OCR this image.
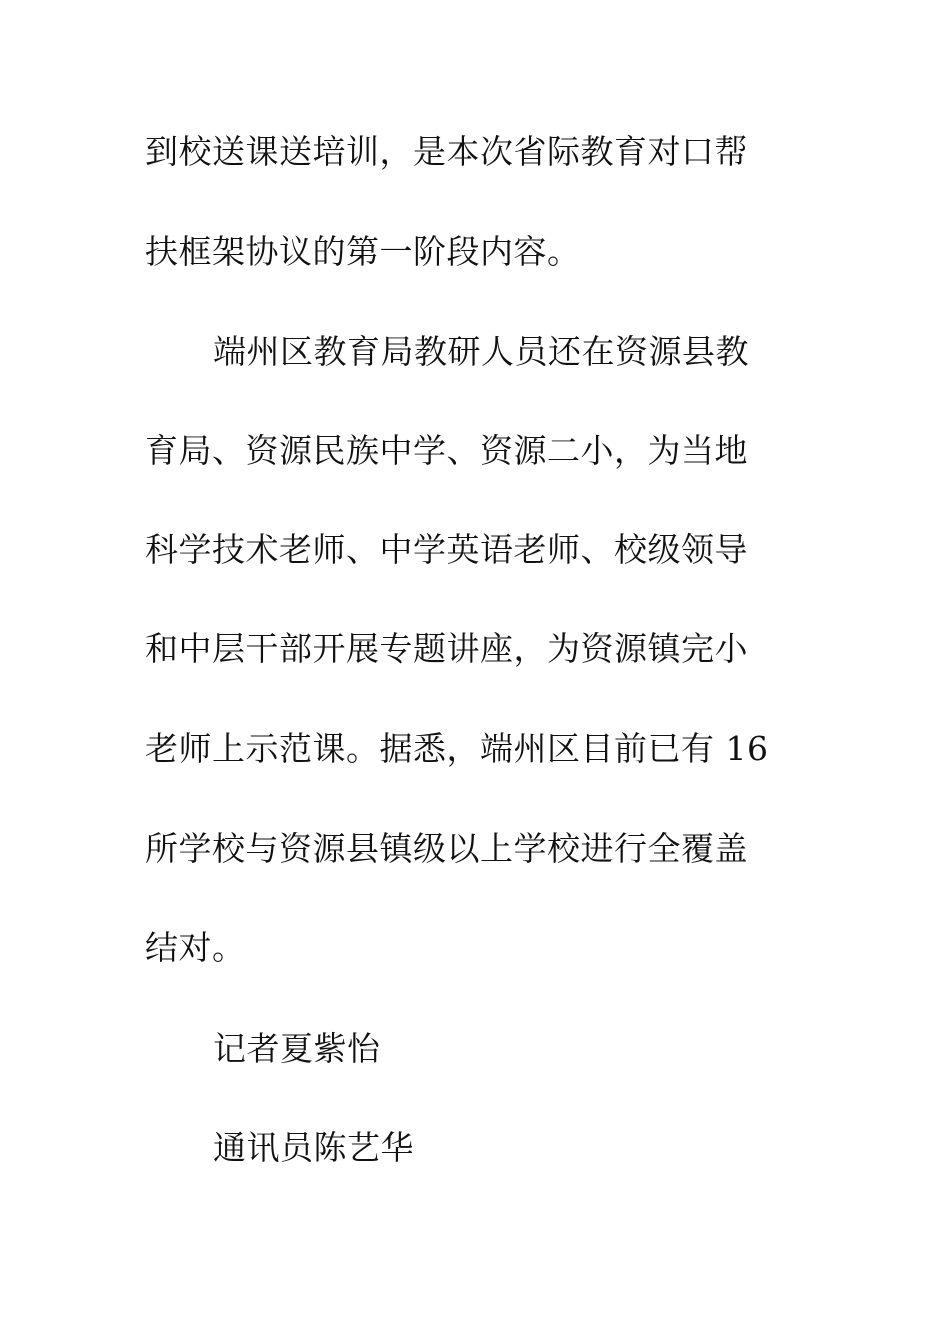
到校送课送培训，是本次省际教育对口帮
扶框架协议的第一阶段内容。
端州区教育局教研人员还在资源县教
育局、资源民族中学、资源二小，为当地
科学技术老师、中学英语老师、校级领导
和中层干部开展专题讲座，为资源镇完小
老师上示范课。据悉，端州区目前已有 16
所学校与资源县镇级以上学校进行全覆盖
结对。
记者夏紫怡
通讯员陈艺华
